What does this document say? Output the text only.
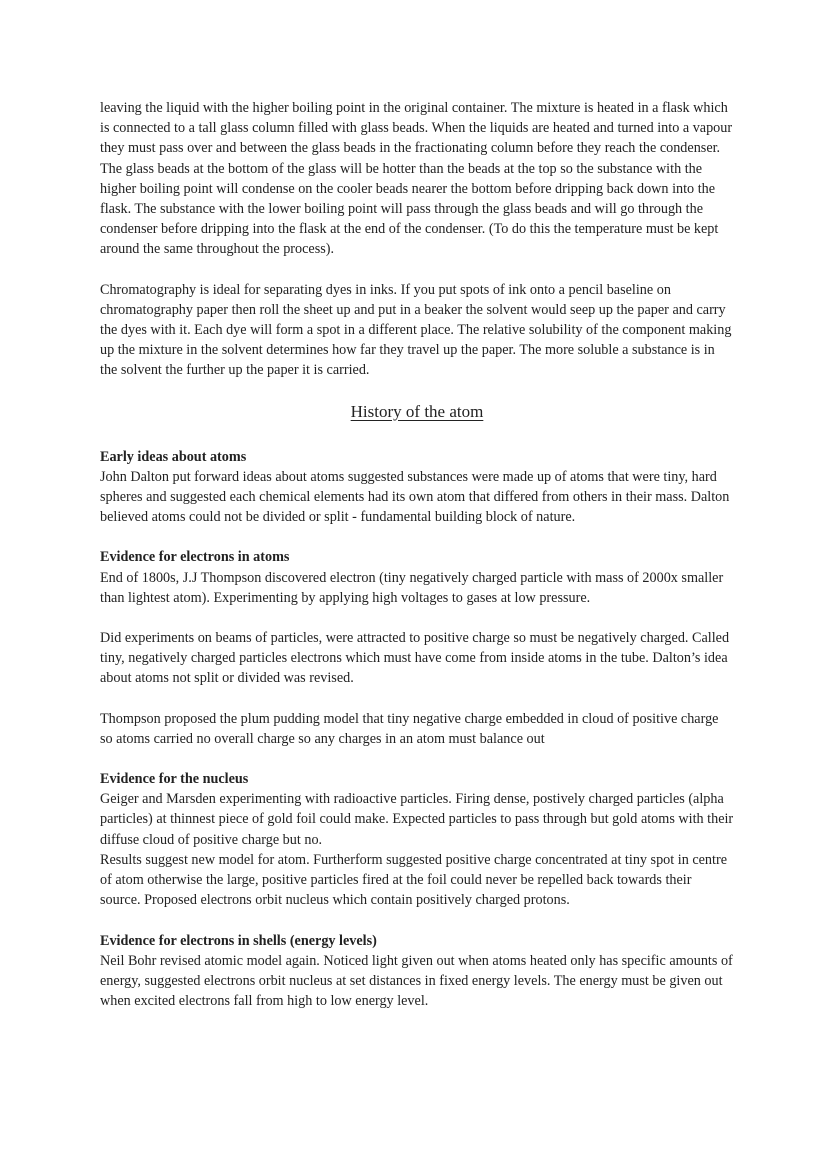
leaving the liquid with the higher boiling point in the original container. The mixture is heated in a flask which is connected to a tall glass column filled with glass beads. When the liquids are heated and turned into a vapour they must pass over and between the glass beads in the fractionating column before they reach the condenser. The glass beads at the bottom of the glass will be hotter than the beads at the top so the substance with the higher boiling point will condense on the cooler beads nearer the bottom before dripping back down into the flask. The substance with the lower boiling point will pass through the glass beads and will go through the condenser before dripping into the flask at the end of the condenser. (To do this the temperature must be kept around the same throughout the process).

Chromatography is ideal for separating dyes in inks. If you put spots of ink onto a pencil baseline on chromatography paper then roll the sheet up and put in a beaker the solvent would seep up the paper and carry the dyes with it. Each dye will form a spot in a different place. The relative solubility of the component making up the mixture in the solvent determines how far they travel up the paper. The more soluble a substance is in the solvent the further up the paper it is carried.

History of the atom

Early ideas about atoms

John Dalton put forward ideas about atoms suggested substances were made up of atoms that were tiny, hard spheres and suggested each chemical elements had its own atom that differed from others in their mass. Dalton believed atoms could not be divided or split - fundamental building block of nature.

Evidence for electrons in atoms

End of 1800s, J.J Thompson discovered electron (tiny negatively charged particle with mass of 2000x smaller than lightest atom). Experimenting by applying high voltages to gases at low pressure.

Did experiments on beams of particles, were attracted to positive charge so must be negatively charged. Called tiny, negatively charged particles electrons which must have come from inside atoms in the tube. Dalton’s idea about atoms not split or divided was revised.

Thompson proposed the plum pudding model that tiny negative charge embedded in cloud of positive charge so atoms carried no overall charge so any charges in an atom must balance out

Evidence for the nucleus

Geiger and Marsden experimenting with radioactive particles. Firing dense, postively charged particles (alpha particles) at thinnest piece of gold foil could make. Expected particles to pass through but gold atoms with their diffuse cloud of positive charge but no.

Results suggest new model for atom. Furtherform suggested positive charge concentrated at tiny spot in centre of atom otherwise the large, positive particles fired at the foil could never be repelled back towards their source. Proposed electrons orbit nucleus which contain positively charged protons.

Evidence for electrons in shells (energy levels)

Neil Bohr revised atomic model again. Noticed light given out when atoms heated only has specific amounts of energy, suggested electrons orbit nucleus at set distances in fixed energy levels. The energy must be given out when excited electrons fall from high to low energy level.
